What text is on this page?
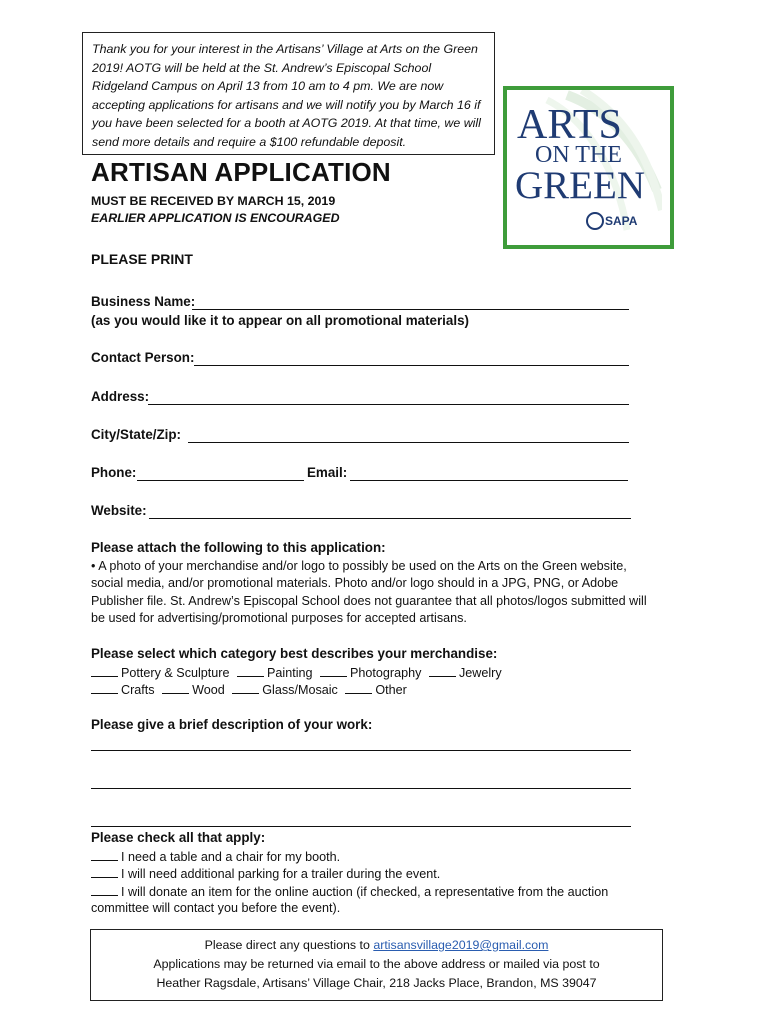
Thank you for your interest in the Artisans’ Village at Arts on the Green 2019! AOTG will be held at the St. Andrew’s Episcopal School Ridgeland Campus on April 13 from 10 am to 4 pm. We are now accepting applications for artisans and we will notify you by March 16 if you have been selected for a booth at AOTG 2019. At that time, we will send more details and require a $100 refundable deposit.	ARTS
ON THE
GREEN
SAPA
ARTISAN APPLICATION
MUST BE RECEIVED BY MARCH 15, 2019
EARLIER APPLICATION IS ENCOURAGED
PLEASE PRINT
Business Name:
(as you would like it to appear on all promotional materials)
Contact Person:
Address:
City/State/Zip:
Phone:	Email:
Website:
Please attach the following to this application:
• A photo of your merchandise and/or logo to possibly be used on the Arts on the Green website, social media, and/or promotional materials. Photo and/or logo should in a JPG, PNG, or Adobe Publisher file. St. Andrew’s Episcopal School does not guarantee that all photos/logos submitted will be used for advertising/promotional purposes for accepted artisans.
Please select which category best describes your merchandise:
Pottery & Sculpture	Painting	Photography	Jewelry
Crafts	Wood	Glass/Mosaic	Other
Please give a brief description of your work:
Please check all that apply:
I need a table and a chair for my booth.
I will need additional parking for a trailer during the event.
I will donate an item for the online auction (if checked, a representative from the auction
committee will contact you before the event).
Please direct any questions to artisansvillage2019@gmail.com
Applications may be returned via email to the above address or mailed via post to
Heather Ragsdale, Artisans’ Village Chair, 218 Jacks Place, Brandon, MS 39047
